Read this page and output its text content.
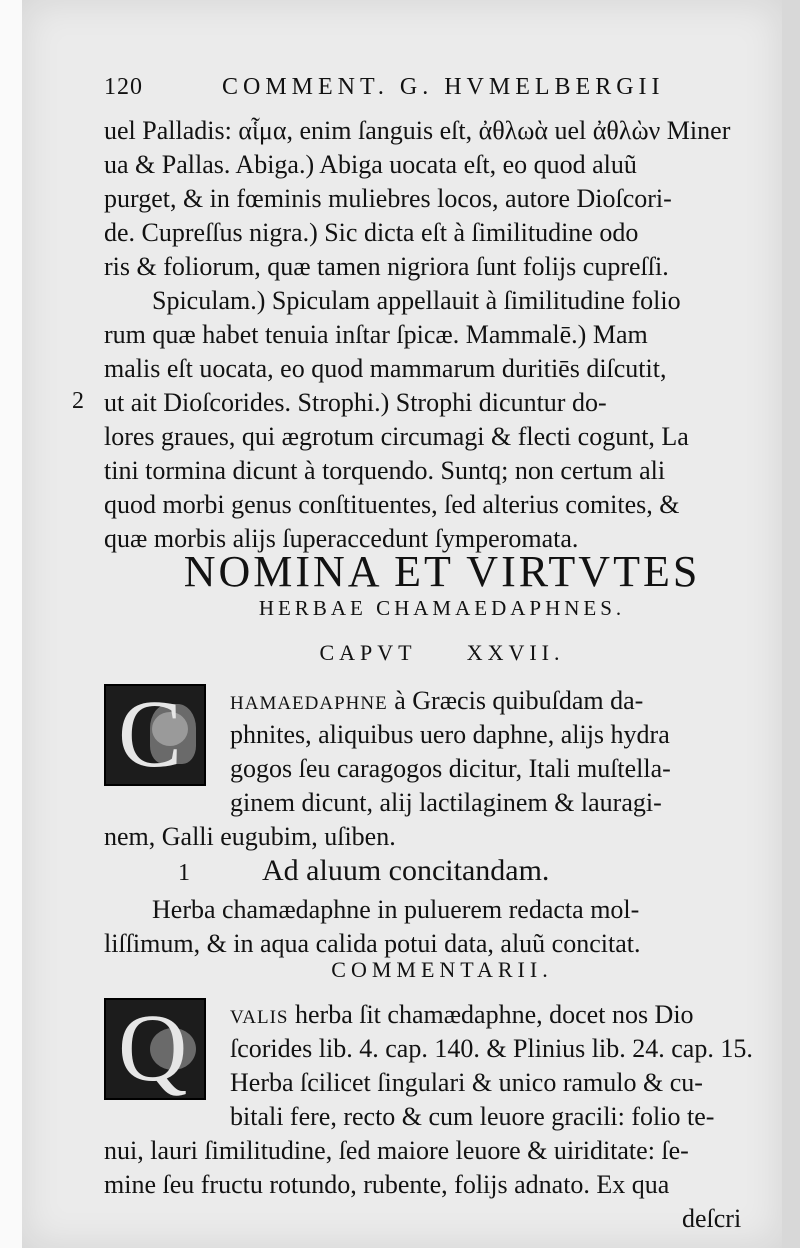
120	COMMENT. G. HVMELBERGII
uel Palladis: αἷμα, enim ſanguis eſt, ἀθλωὰ uel ἀθλὼν Miner
ua & Pallas. Abiga.) Abiga uocata eſt, eo quod aluũ
purget, & in fœminis muliebres locos, autore Dioſcori-
de. Cupreſſus nigra.) Sic dicta eſt à ſimilitudine odo
ris & foliorum, quæ tamen nigriora ſunt folijs cupreſſi.
Spiculam.) Spiculam appellauit à ſimilitudine folio
rum quæ habet tenuia inſtar ſpicæ. Mammalē.) Mam
malis eſt uocata, eo quod mammarum duritiēs diſcutit,
2 ut ait Dioſcorides. Strophi.) Strophi dicuntur do-
lores graues, qui ægrotum circumagi & flecti cogunt, La
tini tormina dicunt à torquendo. Suntq; non certum ali
quod morbi genus conſtituentes, ſed alterius comites, &
quæ morbis alijs ſuperaccedunt ſymperomata.
NOMINA ET VIRTVTES
HERBAE CHAMAEDAPHNES.
CAPVT XXVII.
C	HAMAEDAPHNE à Græcis quibuſdam da-
phnites, aliquibus uero daphne, alijs hydra
gogos ſeu caragogos dicitur, Itali muſtella-
ginem dicunt, alij lactilaginem & lauragi-
nem, Galli eugubim, uſiben.
1 Ad aluum concitandam.
Herba chamædaphne in puluerem redacta mol-
liſſimum, & in aqua calida potui data, aluũ concitat.
COMMENTARII.
Q VALIS herba ſit chamædaphne, docet nos Dio
ſcorides lib. 4. cap. 140. & Plinius lib. 24. cap. 15.
Herba ſcilicet ſingulari & unico ramulo & cu-
bitali fere, recto & cum leuore gracili: folio te-
nui, lauri ſimilitudine, ſed maiore leuore & uiriditate: ſe-
mine ſeu fructu rotundo, rubente, folijs adnato. Ex qua
deſcri
